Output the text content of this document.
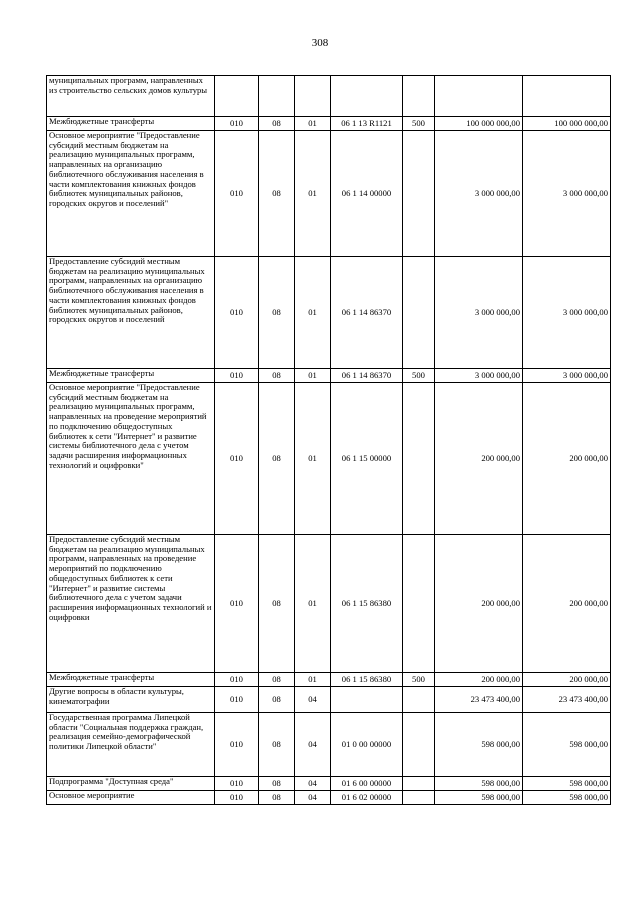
308
муниципальных программ, направленных из строительство сельских домов культуры							
Межбюджетные трансферты	010	08	01	06 1 13 R1121	500	100 000 000,00	100 000 000,00
Основное мероприятие "Предоставление субсидий местным бюджетам на реализацию муниципальных программ, направленных на организацию библиотечного обслуживания населения в части комплектования книжных фондов библиотек муниципальных районов, городских округов и поселений"	010	08	01	06 1 14 00000		3 000 000,00	3 000 000,00
Предоставление субсидий местным бюджетам на реализацию муниципальных программ, направленных на организацию библиотечного обслуживания населения в части комплектования книжных фондов библиотек муниципальных районов, городских округов и поселений	010	08	01	06 1 14 86370		3 000 000,00	3 000 000,00
Межбюджетные трансферты	010	08	01	06 1 14 86370	500	3 000 000,00	3 000 000,00
Основное мероприятие "Предоставление субсидий местным бюджетам на реализацию муниципальных программ, направленных на проведение мероприятий по подключению общедоступных библиотек к сети "Интернет" и развитие системы библиотечного дела с учетом задачи расширения информационных технологий и оцифровки"	010	08	01	06 1 15 00000		200 000,00	200 000,00
Предоставление субсидий местным бюджетам на реализацию муниципальных программ, направленных на проведение мероприятий по подключению общедоступных библиотек к сети "Интернет" и развитие системы библиотечного дела с учетом задачи расширения информационных технологий и оцифровки	010	08	01	06 1 15 86380		200 000,00	200 000,00
Межбюджетные трансферты	010	08	01	06 1 15 86380	500	200 000,00	200 000,00
Другие вопросы в области культуры, кинематографии	010	08	04			23 473 400,00	23 473 400,00
Государственная программа Липецкой области "Социальная поддержка граждан, реализация семейно-демографической политики Липецкой области"	010	08	04	01 0 00 00000		598 000,00	598 000,00
Подпрограмма "Доступная среда"	010	08	04	01 6 00 00000		598 000,00	598 000,00
Основное мероприятие	010	08	04	01 6 02 00000		598 000,00	598 000,00
